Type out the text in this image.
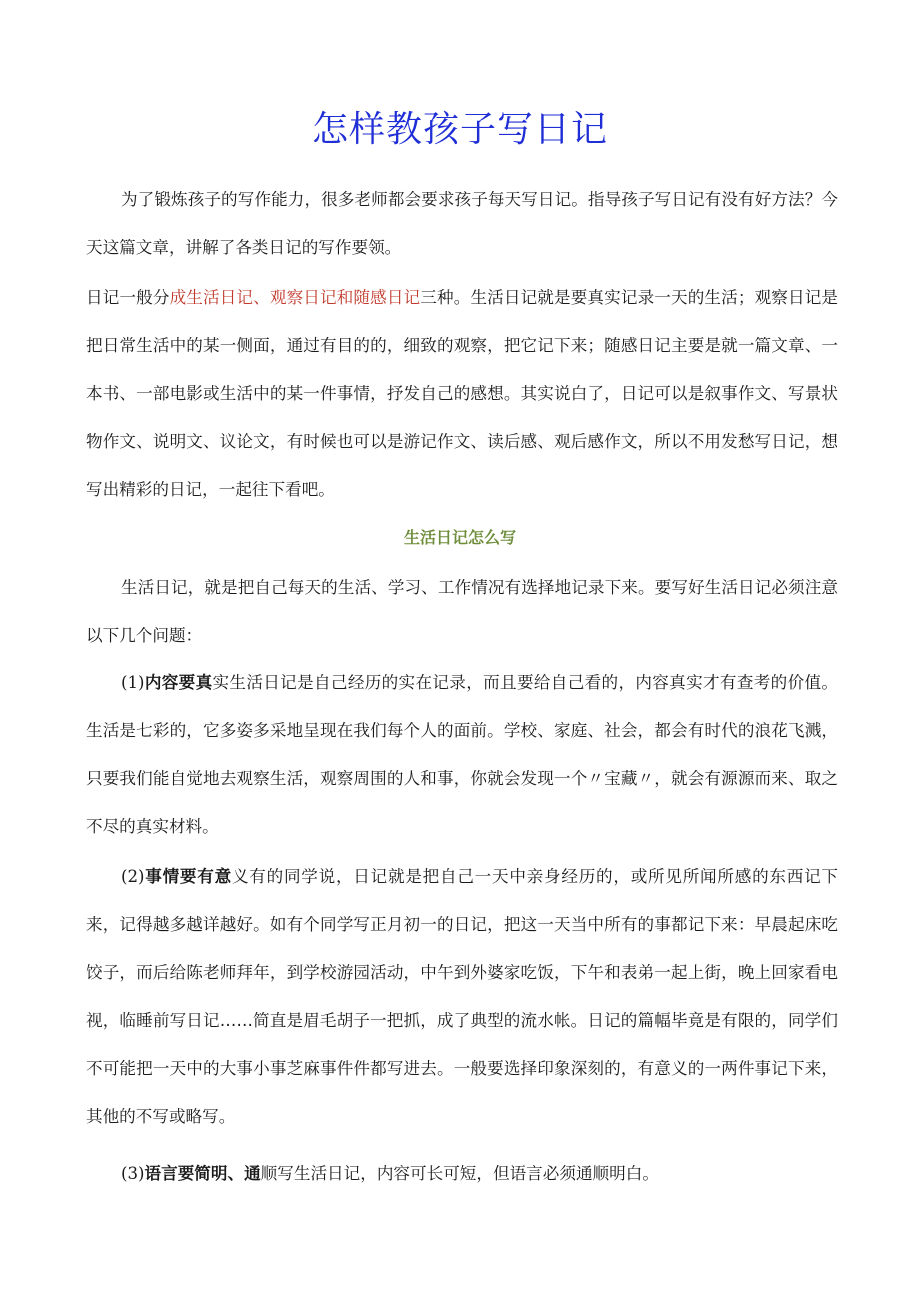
怎样教孩子写日记

为了锻炼孩子的写作能力，很多老师都会要求孩子每天写日记。指导孩子写日记有没有好方法？今天这篇文章，讲解了各类日记的写作要领。

日记一般分成生活日记、观察日记和随感日记三种。生活日记就是要真实记录一天的生活；观察日记是把日常生活中的某一侧面，通过有目的的，细致的观察，把它记下来；随感日记主要是就一篇文章、一本书、一部电影或生活中的某一件事情，抒发自己的感想。其实说白了，日记可以是叙事作文、写景状物作文、说明文、议论文，有时候也可以是游记作文、读后感、观后感作文，所以不用发愁写日记，想写出精彩的日记，一起往下看吧。

生活日记怎么写

生活日记，就是把自己每天的生活、学习、工作情况有选择地记录下来。要写好生活日记必须注意以下几个问题：

(1)内容要真实生活日记是自己经历的实在记录，而且要给自己看的，内容真实才有查考的价值。生活是七彩的，它多姿多采地呈现在我们每个人的面前。学校、家庭、社会，都会有时代的浪花飞溅，只要我们能自觉地去观察生活，观察周围的人和事，你就会发现一个〃宝藏〃，就会有源源而来、取之不尽的真实材料。

(2)事情要有意义有的同学说，日记就是把自己一天中亲身经历的，或所见所闻所感的东西记下来，记得越多越详越好。如有个同学写正月初一的日记，把这一天当中所有的事都记下来：早晨起床吃饺子，而后给陈老师拜年，到学校游园活动，中午到外婆家吃饭，下午和表弟一起上街，晚上回家看电视，临睡前写日记……简直是眉毛胡子一把抓，成了典型的流水帐。日记的篇幅毕竟是有限的，同学们不可能把一天中的大事小事芝麻事件件都写进去。一般要选择印象深刻的，有意义的一两件事记下来，其他的不写或略写。

(3)语言要简明、通顺写生活日记，内容可长可短，但语言必须通顺明白。
